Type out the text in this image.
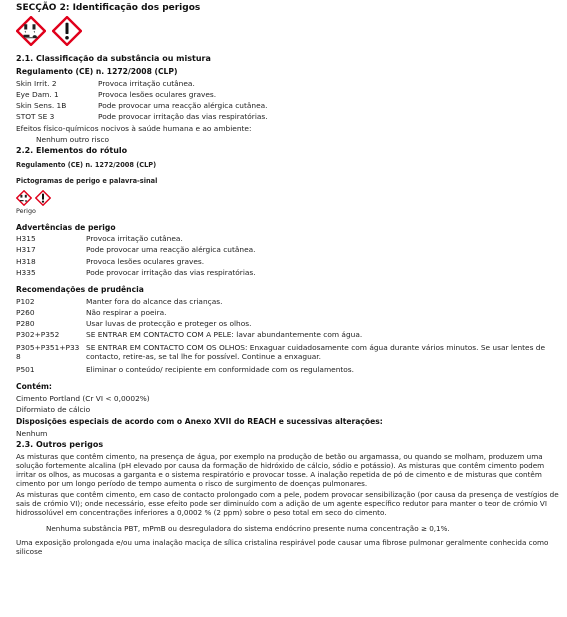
SECÇÃO 2: Identificação dos perigos

2.1. Classificação da substância ou mistura
Regulamento (CE) n. 1272/2008 (CLP)
Skin Irrit. 2	Provoca irritação cutânea.
Eye Dam. 1	Provoca lesões oculares graves.
Skin Sens. 1B	Pode provocar uma reacção alérgica cutânea.
STOT SE 3	Pode provocar irritação das vias respiratórias.

Efeitos físico-químicos nocivos à saúde humana e ao ambiente:

Nenhum outro risco

2.2. Elementos do rótulo
Regulamento (CE) n. 1272/2008 (CLP)
Pictogramas de perigo e palavra-sinal

Perigo
Advertências de perigo
H315	Provoca irritação cutânea.
H317	Pode provocar uma reacção alérgica cutânea.
H318	Provoca lesões oculares graves.
H335	Pode provocar irritação das vias respiratórias.
Recomendações de prudência
P102	Manter fora do alcance das crianças.
P260	Não respirar a poeira.
P280	Usar luvas de protecção e proteger os olhos.
P302+P352	SE ENTRAR EM CONTACTO COM A PELE: lavar abundantemente com água.
P305+P351+P338
SE ENTRAR EM CONTACTO COM OS OLHOS: Enxaguar cuidadosamente com água durante vários minutos. Se usar lentes de contacto, retire-as, se tal lhe for possível. Continue a enxaguar.
P501	Eliminar o conteúdo/ recipiente em conformidade com os regulamentos.
Contém:

Cimento Portland (Cr VI < 0,0002%)

Diformiato de cálcio

Disposições especiais de acordo com o Anexo XVII do REACH e sucessivas alterações:

Nenhum

2.3. Outros perigos

As misturas que contêm cimento, na presença de água, por exemplo na produção de betão ou argamassa, ou quando se molham, produzem uma solução fortemente alcalina (pH elevado por causa da formação de hidróxido de cálcio, sódio e potássio). As misturas que contêm cimento podem irritar os olhos, as mucosas a garganta e o sistema respiratório e provocar tosse. A inalação repetida de pó de cimento e de misturas que contêm cimento por um longo período de tempo aumenta o risco de surgimento de doenças pulmonares.

As misturas que contêm cimento, em caso de contacto prolongado com a pele, podem provocar sensibilização (por causa da presença de vestígios de sais de crómio VI); onde necessário, esse efeito pode ser diminuído com a adição de um agente específico redutor para manter o teor de crómio VI hidrossolúvel em concentrações inferiores a 0,0002 % (2 ppm) sobre o peso total em seco do cimento.

Nenhuma substância PBT, mPmB ou desreguladora do sistema endócrino presente numa concentração ≥ 0,1%.

Uma exposição prolongada e/ou uma inalação maciça de sílica cristalina respirável pode causar uma fibrose pulmonar geralmente conhecida como silicose
